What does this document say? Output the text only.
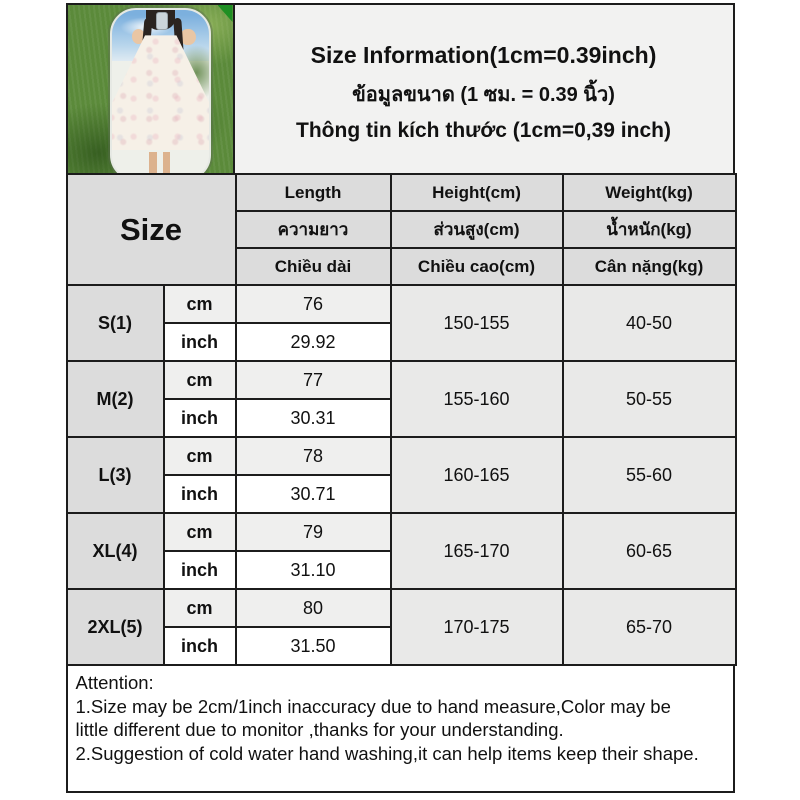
Size Information(1cm=0.39inch)
ข้อมูลขนาด (1 ซม. = 0.39 นิ้ว)
Thông tin kích thước (1cm=0,39 inch)
Size		Length	Height(cm)	Weight(kg)
		ความยาว	ส่วนสูง(cm)	น้ำหนัก(kg)
		Chiều dài	Chiều cao(cm)	Cân nặng(kg)
S(1)	cm	76	150-155	40-50
	inch	29.92		
M(2)	cm	77	155-160	50-55
	inch	30.31		
L(3)	cm	78	160-165	55-60
	inch	30.71		
XL(4)	cm	79	165-170	60-65
	inch	31.10		
2XL(5)	cm	80	170-175	65-70
	inch	31.50		
Attention:
1.Size may be 2cm/1inch inaccuracy due to hand measure,Color may be
little different due to monitor ,thanks for your understanding.
2.Suggestion of cold water hand washing,it can help items keep their shape.
